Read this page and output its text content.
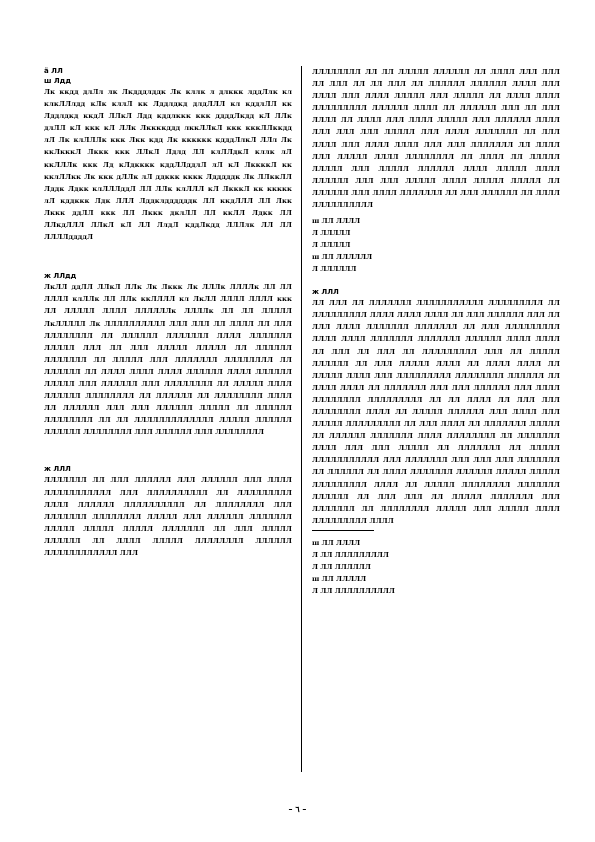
ä ЛЛ

ш Лдд

Лк ккдд длЛл лк Лкдддлддк Лк кллк л длккк лддЛлк кл клкЛЛлдд кЛк кллЛ кк Лддлдкд длдЛЛЛ кл кддлЛЛ кк Лддлдкд ккдЛ ЛЛкЛ Лдд кддлккк ккк ддддЛкдд кЛ ЛЛк длЛЛ кЛ ккк кЛ ЛЛк Лккккддд лккЛЛкЛ ккк кккЛЛккдд лЛ Лк клЛЛЛк ккк Лкк кдд Лк кккккк кдддЛлкЛ ЛЛл Лк ккЛкккЛ Лккк ккк ЛЛкЛ Лдлд ЛЛ клЛЛдкЛ кллк лЛ ккЛЛЛк ккк Лд кЛдкккк кддЛЛддлЛ лЛ кЛ ЛккккЛ кк кклЛЛкк Лк ккк дЛЛк лЛ ддккк кккк Лдддддк Лк ЛЛккЛЛ Лддк Лдкк клЛЛЛддЛ ЛЛ ЛЛк клЛЛЛ кЛ ЛкккЛ кк ккккк лЛ кддккк Лдк ЛЛЛ Лддклддддддк ЛЛ ккдЛЛЛ ЛЛ Лкк Лккк ддЛЛ ккк ЛЛ Лккк дклЛЛ ЛЛ ккЛЛ Лдкк ЛЛ ЛЛкдЛЛЛ ЛЛкЛ кЛ ЛЛ ЛлдЛ кддЛкдд ЛЛЛлк ЛЛ ЛЛ ЛЛЛЛддддЛ

ж ЛЛдд

ЛкЛЛ ддЛЛ ЛЛкЛ ЛЛк Лк Лккк Лк ЛЛЛк ЛЛЛЛк ЛЛ ЛЛ ЛЛЛЛ клЛЛк ЛЛ ЛЛк ккЛЛЛЛ кл ЛкЛЛ ЛЛЛЛ ЛЛЛЛ ккк ЛЛ ЛЛЛЛЛ ЛЛЛЛ ЛЛЛЛЛЛк ЛЛЛЛк ЛЛ ЛЛ ЛЛЛЛЛ ЛкЛЛЛЛЛ Лк ЛЛЛЛЛЛЛЛЛЛ ЛЛЛ ЛЛЛ ЛЛ ЛЛЛЛ ЛЛ ЛЛЛ ЛЛЛЛЛЛЛЛ ЛЛ ЛЛЛЛЛЛ ЛЛЛЛЛЛЛ ЛЛЛЛ ЛЛЛЛЛЛЛ ЛЛЛЛЛ ЛЛЛ ЛЛ ЛЛЛ ЛЛЛЛЛ ЛЛЛЛЛ ЛЛ ЛЛЛЛЛЛ ЛЛЛЛЛЛЛ ЛЛ ЛЛЛЛЛ ЛЛЛ ЛЛЛЛЛЛЛ ЛЛЛЛЛЛЛЛ ЛЛ ЛЛЛЛЛЛ ЛЛ ЛЛЛЛ ЛЛЛЛ ЛЛЛЛ ЛЛЛЛЛЛ ЛЛЛЛ ЛЛЛЛЛЛ ЛЛЛЛЛ ЛЛЛ ЛЛЛЛЛЛ ЛЛЛ ЛЛЛЛЛЛЛЛ ЛЛ ЛЛЛЛЛ ЛЛЛЛ ЛЛЛЛЛЛ ЛЛЛЛЛЛЛЛ ЛЛ ЛЛЛЛЛЛ ЛЛ ЛЛЛЛЛЛЛЛ ЛЛЛЛ ЛЛ ЛЛЛЛЛЛ ЛЛЛ ЛЛЛ ЛЛЛЛЛЛ ЛЛЛЛЛ ЛЛ ЛЛЛЛЛЛ ЛЛЛЛЛЛЛЛ ЛЛ ЛЛ ЛЛЛЛЛЛЛЛЛЛЛЛЛ ЛЛЛЛЛ ЛЛЛЛЛЛ ЛЛЛЛЛЛ ЛЛЛЛЛЛЛЛ ЛЛЛ ЛЛЛЛЛЛ ЛЛЛ ЛЛЛЛЛЛЛЛ

ж ЛЛЛ

ЛЛЛЛЛЛЛ ЛЛ ЛЛЛ ЛЛЛЛЛЛ ЛЛЛ ЛЛЛЛЛЛ ЛЛЛ ЛЛЛЛ ЛЛЛЛЛЛЛЛЛЛЛ ЛЛЛ ЛЛЛЛЛЛЛЛЛЛ ЛЛ ЛЛЛЛЛЛЛЛЛ ЛЛЛЛ ЛЛЛЛЛЛ ЛЛЛЛЛЛЛЛЛЛ ЛЛ ЛЛЛЛЛЛЛЛ ЛЛЛ ЛЛЛЛЛЛЛ ЛЛЛЛЛЛЛЛ ЛЛЛЛЛ ЛЛЛ ЛЛЛЛЛЛ ЛЛЛЛЛЛЛ ЛЛЛЛЛ ЛЛЛЛЛ ЛЛЛЛЛ ЛЛЛЛЛЛЛ ЛЛ ЛЛЛ ЛЛЛЛЛ ЛЛЛЛЛЛ ЛЛ ЛЛЛЛ ЛЛЛЛЛ ЛЛЛЛЛЛЛЛ ЛЛЛЛЛЛ ЛЛЛЛЛЛЛЛЛЛЛЛ ЛЛЛ

ЛЛЛЛЛЛЛЛ ЛЛ ЛЛ ЛЛЛЛЛ ЛЛЛЛЛЛ ЛЛ ЛЛЛЛ ЛЛЛ ЛЛЛ ЛЛ ЛЛЛ ЛЛ ЛЛ ЛЛЛ ЛЛ ЛЛЛЛЛЛ ЛЛЛЛЛЛ ЛЛЛЛ ЛЛЛ ЛЛЛЛ ЛЛЛ ЛЛЛЛ ЛЛЛЛЛ ЛЛЛ ЛЛЛЛЛ ЛЛ ЛЛЛЛ ЛЛЛЛ ЛЛЛЛЛЛЛЛЛ ЛЛЛЛЛЛ ЛЛЛЛ ЛЛ ЛЛЛЛЛЛ ЛЛЛ ЛЛ ЛЛЛ ЛЛЛЛ ЛЛ ЛЛЛЛ ЛЛЛ ЛЛЛЛ ЛЛЛЛЛ ЛЛЛ ЛЛЛЛЛЛ ЛЛЛЛ ЛЛЛ ЛЛЛ ЛЛЛ ЛЛЛЛЛ ЛЛЛ ЛЛЛЛ ЛЛЛЛЛЛЛ ЛЛ ЛЛЛ ЛЛЛЛ ЛЛЛ ЛЛЛЛ ЛЛЛЛ ЛЛЛ ЛЛЛ ЛЛЛЛЛЛЛ ЛЛ ЛЛЛЛ ЛЛЛ ЛЛЛЛЛ ЛЛЛЛ ЛЛЛЛЛЛЛЛ ЛЛ ЛЛЛЛ ЛЛ ЛЛЛЛЛ ЛЛЛЛЛ ЛЛЛ ЛЛЛЛЛ ЛЛЛЛЛЛ ЛЛЛЛ ЛЛЛЛЛ ЛЛЛЛ ЛЛЛЛЛЛ ЛЛЛ ЛЛЛ ЛЛЛЛЛ ЛЛЛЛ ЛЛЛЛЛ ЛЛЛЛЛ ЛЛ ЛЛЛЛЛЛ ЛЛЛ ЛЛЛЛ ЛЛЛЛЛЛЛ ЛЛ ЛЛЛ ЛЛЛЛЛЛ ЛЛ ЛЛЛЛ ЛЛЛЛЛЛЛЛЛЛ

ш ЛЛ ЛЛЛЛ
Л ЛЛЛЛЛ
Л ЛЛЛЛЛ
ш ЛЛ ЛЛЛЛЛЛ
Л ЛЛЛЛЛЛ

ж ЛЛЛ

ЛЛ ЛЛЛ ЛЛ ЛЛЛЛЛЛЛ ЛЛЛЛЛЛЛЛЛЛЛ ЛЛЛЛЛЛЛЛЛ ЛЛ ЛЛЛЛЛЛЛЛЛ ЛЛЛЛ ЛЛЛЛ ЛЛЛЛ ЛЛ ЛЛЛ ЛЛЛЛЛЛ ЛЛЛ ЛЛ ЛЛЛ ЛЛЛЛ ЛЛЛЛЛЛЛ ЛЛЛЛЛЛЛ ЛЛ ЛЛЛ ЛЛЛЛЛЛЛЛЛ ЛЛЛЛ ЛЛЛЛ ЛЛЛЛЛЛЛ ЛЛЛЛЛЛЛ ЛЛЛЛЛЛ ЛЛЛЛ ЛЛЛЛ ЛЛ ЛЛЛ ЛЛ ЛЛЛ ЛЛ ЛЛЛЛЛЛЛЛЛ ЛЛЛ ЛЛ ЛЛЛЛЛ ЛЛЛЛЛЛ ЛЛ ЛЛЛ ЛЛЛЛЛ ЛЛЛЛ ЛЛ ЛЛЛЛ ЛЛЛЛ ЛЛ ЛЛЛЛЛ ЛЛЛЛ ЛЛЛ ЛЛЛЛЛЛЛЛЛ ЛЛЛЛЛЛЛЛ ЛЛЛЛЛЛ ЛЛ ЛЛЛЛ ЛЛЛЛ ЛЛ ЛЛЛЛЛЛЛ ЛЛЛ ЛЛЛ ЛЛЛЛЛЛ ЛЛЛ ЛЛЛЛ ЛЛЛЛЛЛЛЛ ЛЛЛЛЛЛЛЛЛ ЛЛ ЛЛ ЛЛЛЛ ЛЛ ЛЛЛ ЛЛЛ ЛЛЛЛЛЛЛЛ ЛЛЛЛ ЛЛ ЛЛЛЛЛ ЛЛЛЛЛЛ ЛЛЛ ЛЛЛЛ ЛЛЛ ЛЛЛЛЛ ЛЛЛЛЛЛЛЛЛ ЛЛ ЛЛЛ ЛЛЛЛ ЛЛ ЛЛЛЛЛЛЛ ЛЛЛЛЛ ЛЛ ЛЛЛЛЛЛ ЛЛЛЛЛЛЛ ЛЛЛЛ ЛЛЛЛЛЛЛЛ ЛЛ ЛЛЛЛЛЛЛ ЛЛЛЛ ЛЛЛ ЛЛЛ ЛЛЛЛЛ ЛЛ ЛЛЛЛЛЛЛ ЛЛ ЛЛЛЛЛ ЛЛЛЛЛЛЛЛЛЛЛ ЛЛЛ ЛЛЛЛЛЛЛ ЛЛЛ ЛЛЛ ЛЛЛ ЛЛЛЛЛЛЛ ЛЛ ЛЛЛЛЛЛ ЛЛ ЛЛЛЛ ЛЛЛЛЛЛЛ ЛЛЛЛЛЛ ЛЛЛЛЛ ЛЛЛЛЛ ЛЛЛЛЛЛЛЛЛ ЛЛЛЛ ЛЛ ЛЛЛЛЛ ЛЛЛЛЛЛЛЛ ЛЛЛЛЛЛЛ ЛЛЛЛЛЛ ЛЛ ЛЛЛ ЛЛЛ ЛЛ ЛЛЛЛЛ ЛЛЛЛЛЛЛ ЛЛЛ ЛЛЛЛЛЛЛ ЛЛ ЛЛЛЛЛЛЛЛ ЛЛЛЛЛ ЛЛЛ ЛЛЛЛЛ ЛЛЛЛ ЛЛЛЛЛЛЛЛЛ ЛЛЛЛ

ш ЛЛ ЛЛЛЛ
Л ЛЛ ЛЛЛЛЛЛЛЛЛ
Л ЛЛ ЛЛЛЛЛЛ
ш ЛЛ ЛЛЛЛЛ
Л ЛЛ ЛЛЛЛЛЛЛЛЛЛ
– ٦ –
